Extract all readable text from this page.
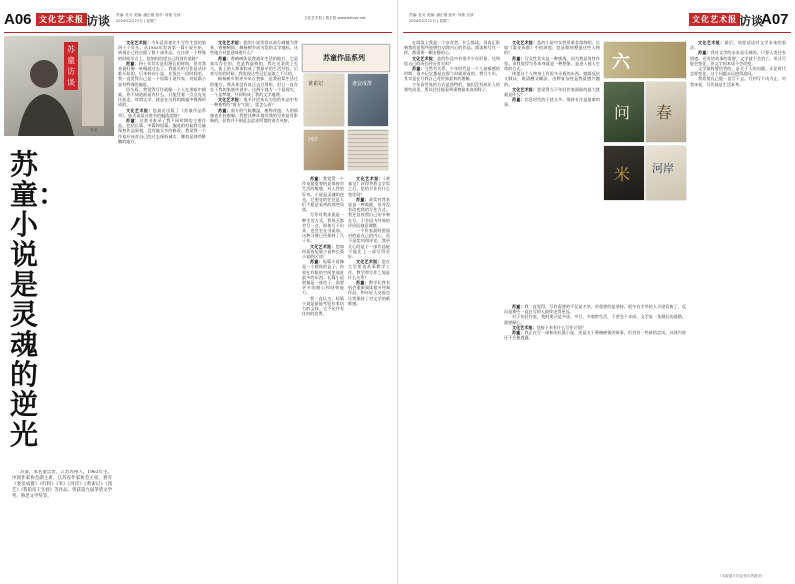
A06 文化艺术报 访谈 责编: 杜可 美编: 潘正刚 校对: 何敏 全部
2024年2月21日 | 星期三
文化艺术报 | 数字报 www.whysb.net
责编: 杜可 美编: 潘正刚 校对: 何敏 全部
2024年2月21日 | 星期三	文化艺术报 访谈
A07
苏童访谈
苏童
苏童：小说是灵魂的逆光

苏童，本名童忠贵，江苏苏州人，1963年生。中国作家协会副主席，江苏省作家协会主席。著有《妻妾成群》《红粉》《米》《河岸》《黄雀记》《园艺》《我的帝王生涯》等作品。曾获第九届茅盾文学奖、鲁迅文学奖等。

文化艺术报：今年是苏童先生写作生涯的第四十个年头，从1983年发表第一篇小说开始，到现在已经出版了数十部作品。在这样一个特殊的时间节点上，您如何回望自己的创作道路？

苏童：四十年其实是很漫长的时间，但对我来说好像一转眼就过去了。我最早的写作是从诗歌开始的，后来转向小说。在很长一段时间里，我一直觉得自己是一个短篇小说作家，对短篇小说有特别的偏爱。

回头看，我觉得写作就像一个人在黑暗中摸索，你不知道前面有什么，只能凭着一点点光亮往前走。所谓文学，就是在这样的摸索中慢慢形成的。

文化艺术报：您最近出版了《苏童作品系列》，能否谈谈这套书的编选思路？

苏童：这套书收录了我不同时期的主要作品，包括长篇、中篇和短篇。编选的时候我尽量保持作品原貌，没有做太多的修改。我觉得一个作家应该对自己的过去保持诚实，哪怕是那些稚嫩的地方。

文化艺术报：您的小说常常以南方城镇为背景，香椿树街、枫杨树乡成为您的文学地标，这些地方对您意味着什么？

苏童：香椿树街是我童年生活的地方，它是真实存在的，也是我虚构的。我在这条街上长大，街上的人和事构成了我最早的生活经验。后来写作的时候，我发现这些记忆是取之不尽的。

枫杨树乡则更多来自想象，是我祖辈生活过的地方，我从来没有真正去过那里，但它一直存在于我的家族传说中。这两个地方一个是现实，一个是梦境，共同构成了我的文学地理。

文化艺术报：很多评论家认为您的作品中有一种独特的“南方气质”，您怎么看？

苏童：南方的气候潮湿，植物茂盛，人的情感也比较细腻。我想这种环境对我的写作是有影响的，但我并不刻意去追求所谓的南方风格。

苏童作品系列
黄雀记	妻妾成群
河岸

苏童：我觉得一个作家最重要的是保持对生活的敏感，对人性的好奇。小说是灵魂的逆光，它照亮的往往是人们不愿意看到的那些角落。

写作对我来说是一种生活方式，我每天都会写一点，即使写不出来，也会坐在书桌前。这种习惯已经保持了几十年。

文化艺术报：您如何看待短篇小说和长篇小说的区别？

苏童：短篇小说像是一个精致的盒子，你要在有限的空间里放进最多的东西；长篇小说则像是一座房子，需要更多的耐心和结构能力。

我一直认为，短篇小说是最能考验作家功力的文体，它不允许有任何的浪费。

文化艺术报：《黄雀记》获得茅盾文学奖之后，您的写作有什么变化吗？

苏童：获奖对我来说是一种鼓励，但并没有改变我的写作方式。我还是按照自己的节奏在写，不会因为外界的评价而刻意调整。

一个作家最终要面对的是自己的内心，而不是奖项和评论。我更关心的是下一部作品能不能比上一部写得更好。

文化艺术报：您在大学里也从事教学工作，教学和写作之间是什么关系？

苏童：教学让我有机会重新阅读很多经典作品，和年轻人交流也让我保持了对文学的新鲜感。

在阅读上我是一个杂食者，什么都读，但真正影响我的是那些能够打动我内心的作品。阅读和写作一样，都需要一颗安静的心。

文化艺术报：您的作品中有很多少年形象，这和您自己的成长经历有关吗？

苏童：当然有关系。少年时代是一个人最敏感的时期，很多记忆都是在那个时候形成的。我写少年，其实是在写我自己对世界最初的理解。

少年看世界的方式是独特的，他们没有成年人的那些成见，所以往往能看到事物最本真的样子。

文化艺术报：您的小说中女性形象非常鲜明，比如《妻妾成群》中的颂莲，您是如何塑造这些人物的？

苏童：写女性其实是一种挑战，因为我是男性作家。但我觉得写作本身就是一种想象，是进入他人生命的方式。

颂莲这个人物身上有很多矛盾的东西，她既反抗又顺从，既清醒又糊涂，这种复杂性是我最感兴趣的。

文化艺术报：您觉得当下年轻作家面临的最大挑战是什么？

苏童：信息时代的干扰太多，保持专注是最难的事。

文化艺术报：最后，请您谈谈对文学未来的看法。

苏童：我对文学的未来是乐观的。只要人类还有情感，还有讲故事的需要，文学就不会消亡。形式可能会变化，但文学的本质不会改变。

文学最终要回答的，是关于人的问题。无论时代怎样变化，这个问题永远值得追问。

我希望自己能一直写下去，写到写不动为止。对我来说，写作就是生活本身。

六
问 春
米 河岸

苏童：我一直觉得，写作需要的不仅是才华，更重要的是坚持。很多有才华的人半途而废了，反而是那些一直在写的人最终走得更远。

对于年轻作家，我的建议是多读、多写、多观察生活，不要急于求成。文学是一条漫长的道路，需要耐心。

文化艺术报：您接下来有什么写作计划？

苏童：我正在写一部新的长篇小说，还是关于香椿树街的故事，但会有一些新的尝试。具体内容还不方便透露。

（本版图片均由受访者提供）
